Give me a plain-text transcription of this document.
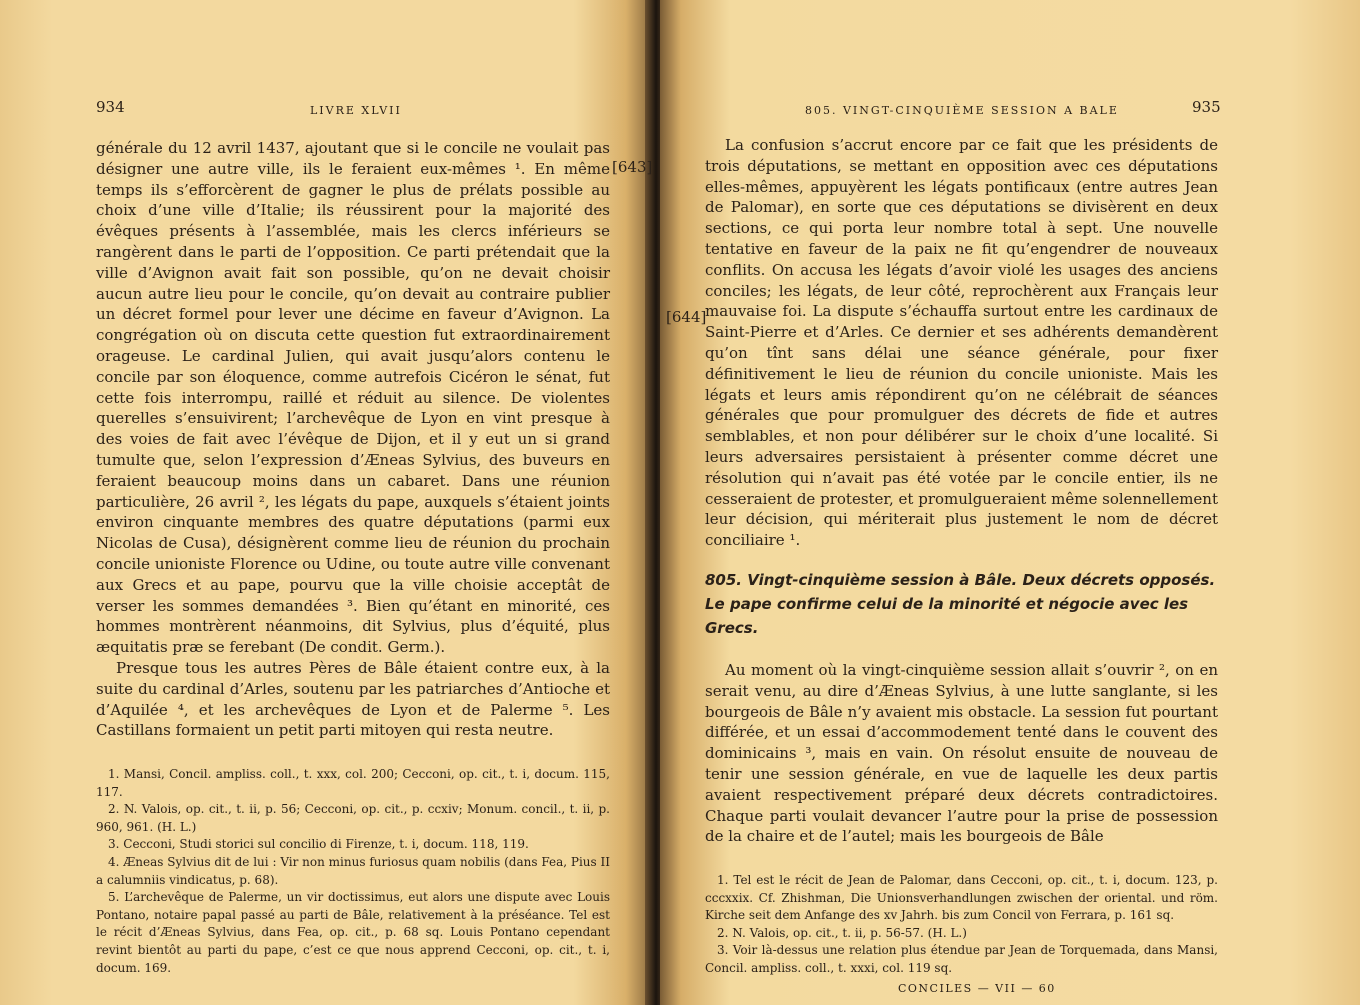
934	LIVRE XLVII

générale du 12 avril 1437, ajoutant que si le concile ne voulait pas désigner une autre ville, ils le feraient eux-mêmes ¹. En même temps ils s’efforcèrent de gagner le plus de prélats possible au choix d’une ville d’Italie; ils réussirent pour la majorité des évêques présents à l’assemblée, mais les clercs inférieurs se rangèrent dans le parti de l’opposition. Ce parti prétendait que la ville d’Avignon avait fait son possible, qu’on ne devait choisir aucun autre lieu pour le concile, qu’on devait au contraire publier un décret formel pour lever une décime en faveur d’Avignon. La congrégation où on discuta cette question fut extraordinairement orageuse. Le cardinal Julien, qui avait jusqu’alors contenu le concile par son éloquence, comme autrefois Cicéron le sénat, fut cette fois interrompu, raillé et réduit au silence. De violentes querelles s’ensuivirent; l’archevêque de Lyon en vint presque à des voies de fait avec l’évêque de Dijon, et il y eut un si grand tumulte que, selon l’expression d’Æneas Sylvius, des buveurs en feraient beaucoup moins dans un cabaret. Dans une réunion particulière, 26 avril ², les légats du pape, auxquels s’étaient joints environ cinquante membres des quatre députations (parmi eux Nicolas de Cusa), désignèrent comme lieu de réunion du prochain concile unioniste Florence ou Udine, ou toute autre ville convenant aux Grecs et au pape, pourvu que la ville choisie acceptât de verser les sommes demandées ³. Bien qu’étant en minorité, ces hommes montrèrent néanmoins, dit Sylvius, plus d’équité, plus æquitatis præ se ferebant (De condit. Germ.).

Presque tous les autres Pères de Bâle étaient contre eux, à la suite du cardinal d’Arles, soutenu par les patriarches d’Antioche et d’Aquilée ⁴, et les archevêques de Lyon et de Palerme ⁵. Les Castillans formaient un petit parti mitoyen qui resta neutre.

1. Mansi, Concil. ampliss. coll., t. xxx, col. 200; Cecconi, op. cit., t. i, docum. 115, 117.

2. N. Valois, op. cit., t. ii, p. 56; Cecconi, op. cit., p. ccxiv; Monum. concil., t. ii, p. 960, 961. (H. L.)

3. Cecconi, Studi storici sul concilio di Firenze, t. i, docum. 118, 119.

4. Æneas Sylvius dit de lui : Vir non minus furiosus quam nobilis (dans Fea, Pius II a calumniis vindicatus, p. 68).

5. L’archevêque de Palerme, un vir doctissimus, eut alors une dispute avec Louis Pontano, notaire papal passé au parti de Bâle, relativement à la préséance. Tel est le récit d’Æneas Sylvius, dans Fea, op. cit., p. 68 sq. Louis Pontano cependant revint bientôt au parti du pape, c’est ce que nous apprend Cecconi, op. cit., t. i, docum. 169.

[643]
805. VINGT-CINQUIÈME SESSION A BALE	935

La confusion s’accrut encore par ce fait que les présidents de trois députations, se mettant en opposition avec ces députations elles-mêmes, appuyèrent les légats pontificaux (entre autres Jean de Palomar), en sorte que ces députations se divisèrent en deux sections, ce qui porta leur nombre total à sept. Une nouvelle tentative en faveur de la paix ne fit qu’engendrer de nouveaux conflits. On accusa les légats d’avoir violé les usages des anciens conciles; les légats, de leur côté, reprochèrent aux Français leur mauvaise foi. La dispute s’échauffa surtout entre les cardinaux de Saint-Pierre et d’Arles. Ce dernier et ses adhérents demandèrent qu’on tînt sans délai une séance générale, pour fixer définitivement le lieu de réunion du concile unioniste. Mais les légats et leurs amis répondirent qu’on ne célébrait de séances générales que pour promulguer des décrets de fide et autres semblables, et non pour délibérer sur le choix d’une localité. Si leurs adversaires persistaient à présenter comme décret une résolution qui n’avait pas été votée par le concile entier, ils ne cesseraient de protester, et promulgueraient même solennellement leur décision, qui mériterait plus justement le nom de décret conciliaire ¹.

805. Vingt-cinquième session à Bâle. Deux décrets opposés. Le pape confirme celui de la minorité et négocie avec les Grecs.

Au moment où la vingt-cinquième session allait s’ouvrir ², on en serait venu, au dire d’Æneas Sylvius, à une lutte sanglante, si les bourgeois de Bâle n’y avaient mis obstacle. La session fut pourtant différée, et un essai d’accommodement tenté dans le couvent des dominicains ³, mais en vain. On résolut ensuite de nouveau de tenir une session générale, en vue de laquelle les deux partis avaient respectivement préparé deux décrets contradictoires. Chaque parti voulait devancer l’autre pour la prise de possession de la chaire et de l’autel; mais les bourgeois de Bâle

1. Tel est le récit de Jean de Palomar, dans Cecconi, op. cit., t. i, docum. 123, p. cccxxix. Cf. Zhishman, Die Unionsverhandlungen zwischen der oriental. und röm. Kirche seit dem Anfange des xv Jahrh. bis zum Concil von Ferrara, p. 161 sq.

2. N. Valois, op. cit., t. ii, p. 56-57. (H. L.)

3. Voir là-dessus une relation plus étendue par Jean de Torquemada, dans Mansi, Concil. ampliss. coll., t. xxxi, col. 119 sq.

CONCILES — VII — 60
[644]
